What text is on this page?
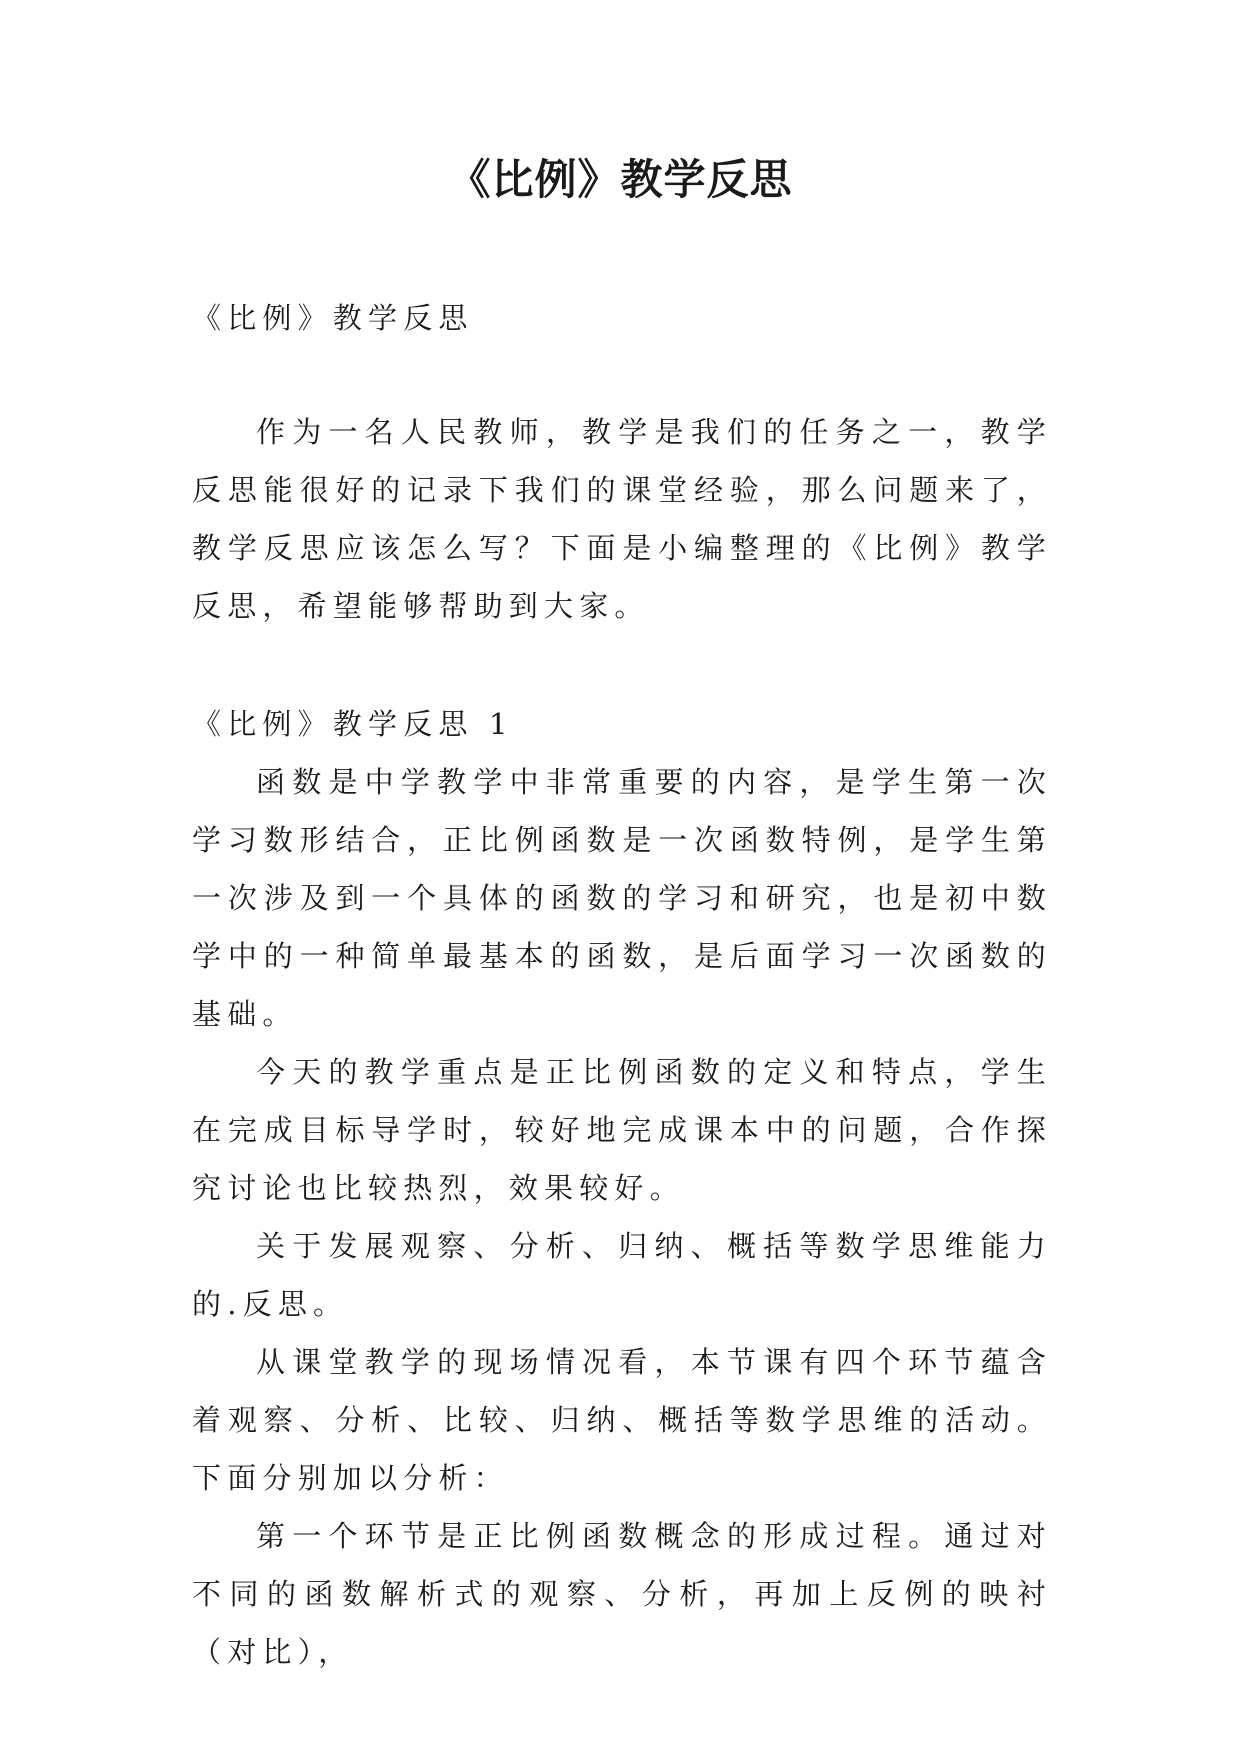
《比例》教学反思

《比例》教学反思

作为一名人民教师，教学是我们的任务之一，教学反思能很好的记录下我们的课堂经验，那么问题来了，教学反思应该怎么写？下面是小编整理的《比例》教学反思，希望能够帮助到大家。

《比例》教学反思 1

函数是中学教学中非常重要的内容，是学生第一次学习数形结合，正比例函数是一次函数特例，是学生第一次涉及到一个具体的函数的学习和研究，也是初中数学中的一种简单最基本的函数，是后面学习一次函数的基础。

今天的教学重点是正比例函数的定义和特点，学生在完成目标导学时，较好地完成课本中的问题，合作探究讨论也比较热烈，效果较好。

关于发展观察、分析、归纳、概括等数学思维能力的.反思。

从课堂教学的现场情况看，本节课有四个环节蕴含着观察、分析、比较、归纳、概括等数学思维的活动。下面分别加以分析：

第一个环节是正比例函数概念的形成过程。通过对不同的函数解析式的观察、分析，再加上反例的映衬（对比），
